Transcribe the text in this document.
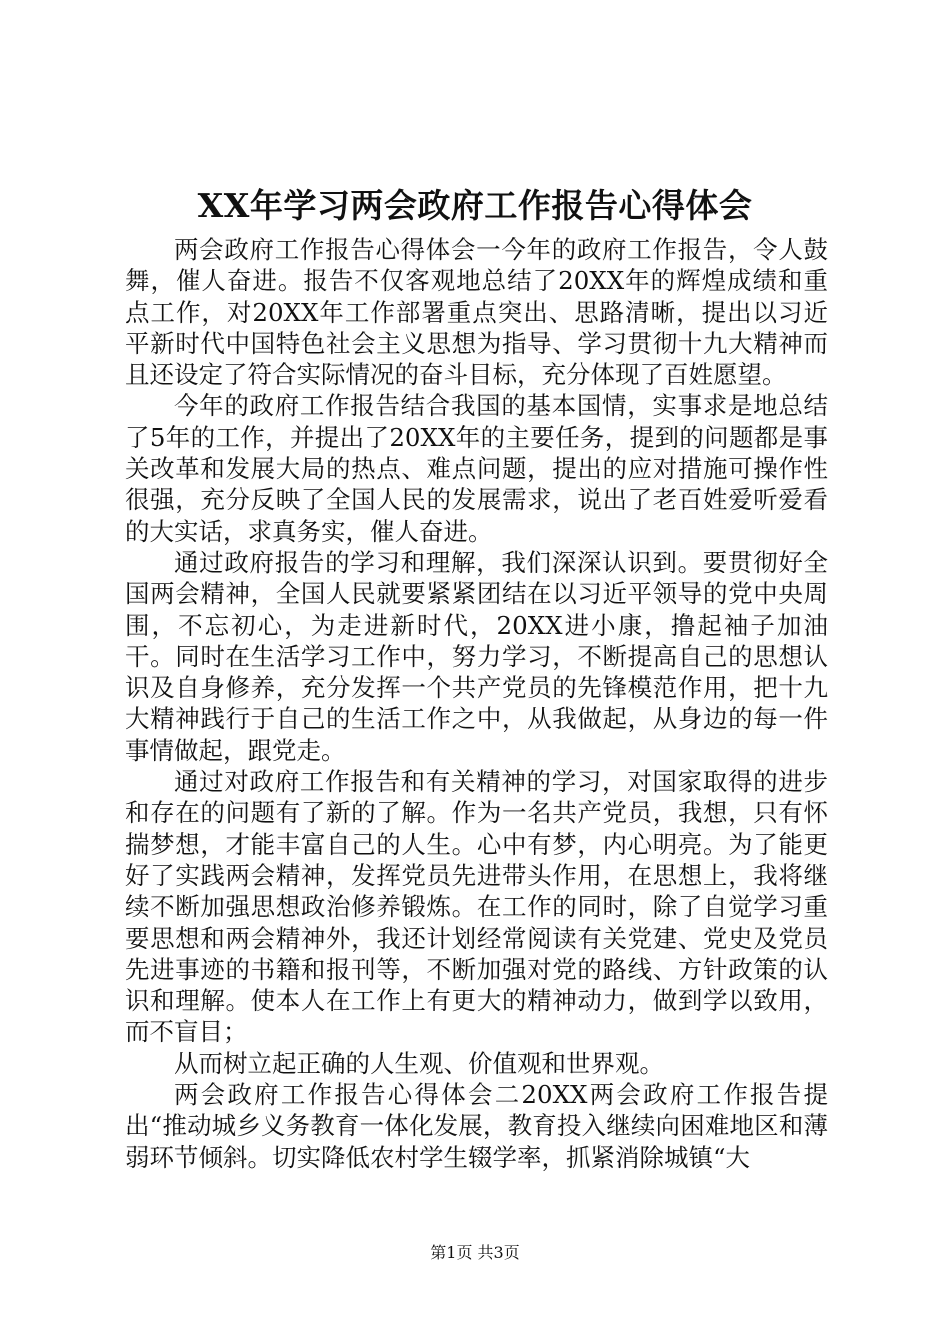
XX年学习两会政府工作报告心得体会

两会政府工作报告心得体会一今年的政府工作报告，令人鼓舞，催人奋进。报告不仅客观地总结了20XX年的辉煌成绩和重点工作，对20XX年工作部署重点突出、思路清晰，提出以习近平新时代中国特色社会主义思想为指导、学习贯彻十九大精神而且还设定了符合实际情况的奋斗目标，充分体现了百姓愿望。

今年的政府工作报告结合我国的基本国情，实事求是地总结了5年的工作，并提出了20XX年的主要任务，提到的问题都是事关改革和发展大局的热点、难点问题，提出的应对措施可操作性很强，充分反映了全国人民的发展需求，说出了老百姓爱听爱看的大实话，求真务实，催人奋进。

通过政府报告的学习和理解，我们深深认识到。要贯彻好全国两会精神，全国人民就要紧紧团结在以习近平领导的党中央周围，不忘初心，为走进新时代，20XX进小康，撸起袖子加油干。同时在生活学习工作中，努力学习，不断提高自己的思想认识及自身修养，充分发挥一个共产党员的先锋模范作用，把十九大精神践行于自己的生活工作之中，从我做起，从身边的每一件事情做起，跟党走。

通过对政府工作报告和有关精神的学习，对国家取得的进步和存在的问题有了新的了解。作为一名共产党员，我想，只有怀揣梦想，才能丰富自己的人生。心中有梦，内心明亮。为了能更好了实践两会精神，发挥党员先进带头作用，在思想上，我将继续不断加强思想政治修养锻炼。在工作的同时，除了自觉学习重要思想和两会精神外，我还计划经常阅读有关党建、党史及党员先进事迹的书籍和报刊等，不断加强对党的路线、方针政策的认识和理解。使本人在工作上有更大的精神动力，做到学以致用，而不盲目；

从而树立起正确的人生观、价值观和世界观。

两会政府工作报告心得体会二20XX两会政府工作报告提出“推动城乡义务教育一体化发展，教育投入继续向困难地区和薄弱环节倾斜。切实降低农村学生辍学率，抓紧消除城镇“大

第1页 共3页
